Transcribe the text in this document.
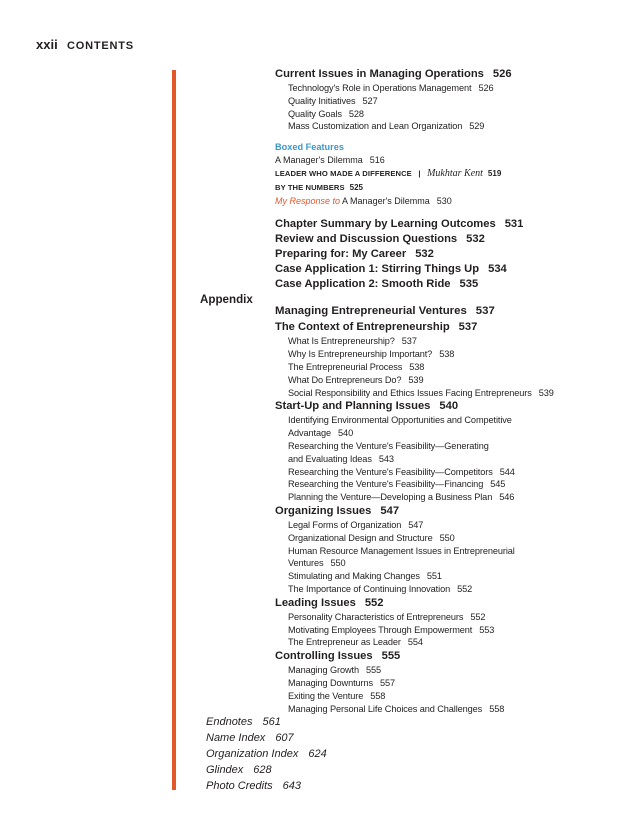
xxii CONTENTS
Current Issues in Managing Operations 526
Technology's Role in Operations Management 526
Quality Initiatives 527
Quality Goals 528
Mass Customization and Lean Organization 529
Boxed Features
A Manager's Dilemma 516
LEADER WHO MADE A DIFFERENCE | Mukhtar Kent 519
BY THE NUMBERS 525
My Response to A Manager's Dilemma 530
Chapter Summary by Learning Outcomes 531
Review and Discussion Questions 532
Preparing for: My Career 532
Case Application 1: Stirring Things Up 534
Case Application 2: Smooth Ride 535
Managing Entrepreneurial Ventures 537
The Context of Entrepreneurship 537
What Is Entrepreneurship? 537
Why Is Entrepreneurship Important? 538
The Entrepreneurial Process 538
What Do Entrepreneurs Do? 539
Social Responsibility and Ethics Issues Facing Entrepreneurs 539
Start-Up and Planning Issues 540
Identifying Environmental Opportunities and Competitive
Advantage 540
Researching the Venture's Feasibility—Generating
and Evaluating Ideas 543
Researching the Venture's Feasibility—Competitors 544
Researching the Venture's Feasibility—Financing 545
Planning the Venture—Developing a Business Plan 546
Organizing Issues 547
Legal Forms of Organization 547
Organizational Design and Structure 550
Human Resource Management Issues in Entrepreneurial
Ventures 550
Stimulating and Making Changes 551
The Importance of Continuing Innovation 552
Leading Issues 552
Personality Characteristics of Entrepreneurs 552
Motivating Employees Through Empowerment 553
The Entrepreneur as Leader 554
Controlling Issues 555
Managing Growth 555
Managing Downturns 557
Exiting the Venture 558
Managing Personal Life Choices and Challenges 558
Appendix
Endnotes 561
Name Index 607
Organization Index 624
Glindex 628
Photo Credits 643
